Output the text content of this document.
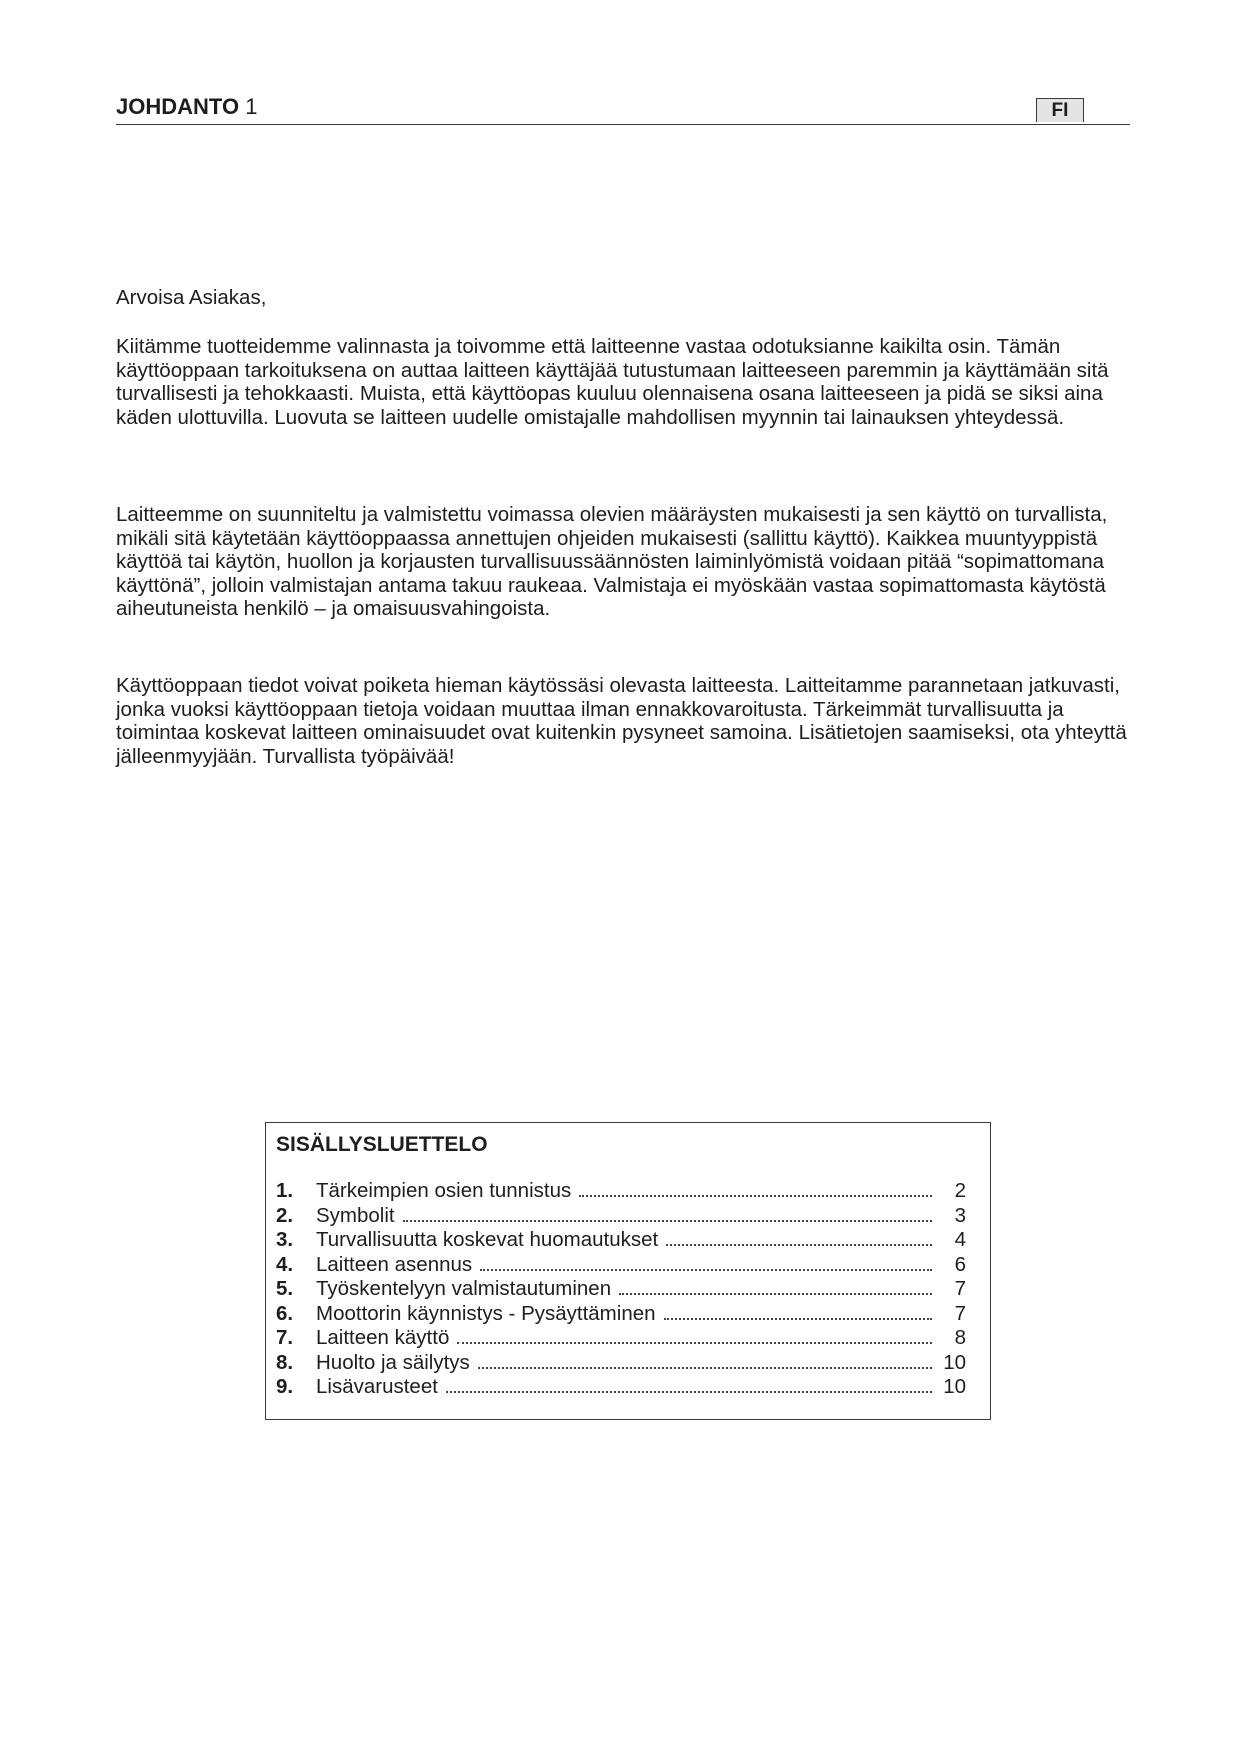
JOHDANTO 1	FI

Arvoisa Asiakas,

Kiitämme tuotteidemme valinnasta ja toivomme että laitteenne vastaa odotuksianne kaikilta osin. Tämän käyttöoppaan tarkoituksena on auttaa laitteen käyttäjää tutustumaan laitteeseen paremmin ja käyttämään sitä turvallisesti ja tehokkaasti. Muista, että käyttöopas kuuluu olennaisena osana laitteeseen ja pidä se siksi aina käden ulottuvilla. Luovuta se laitteen uudelle omistajalle mahdollisen myynnin tai lainauksen yhteydessä.

Laitteemme on suunniteltu ja valmistettu voimassa olevien määräysten mukaisesti ja sen käyttö on turvallista, mikäli sitä käytetään käyttöoppaassa annettujen ohjeiden mukaisesti (sallittu käyttö). Kaikkea muuntyyppistä käyttöä tai käytön, huollon ja korjausten turvallisuussäännösten laiminlyömistä voidaan pitää “sopimattomana käyttönä”, jolloin valmistajan antama takuu raukeaa. Valmistaja ei myöskään vastaa sopimattomasta käytöstä aiheutuneista henkilö – ja omaisuusvahingoista.

Käyttöoppaan tiedot voivat poiketa hieman käytössäsi olevasta laitteesta. Laitteitamme parannetaan jatkuvasti, jonka vuoksi käyttöoppaan tietoja voidaan muuttaa ilman ennakkovaroitusta. Tärkeimmät turvallisuutta ja toimintaa koskevat laitteen ominaisuudet ovat kuitenkin pysyneet samoina. Lisätietojen saamiseksi, ota yhteyttä jälleenmyyjään. Turvallista työpäivää!

SISÄLLYSLUETTELO
1.	Tärkeimpien osien tunnistus	2
2.	Symbolit	3
3.	Turvallisuutta koskevat huomautukset	4
4.	Laitteen asennus	6
5.	Työskentelyyn valmistautuminen	7
6.	Moottorin käynnistys - Pysäyttäminen	7
7.	Laitteen käyttö	8
8.	Huolto ja säilytys	10
9.	Lisävarusteet	10
